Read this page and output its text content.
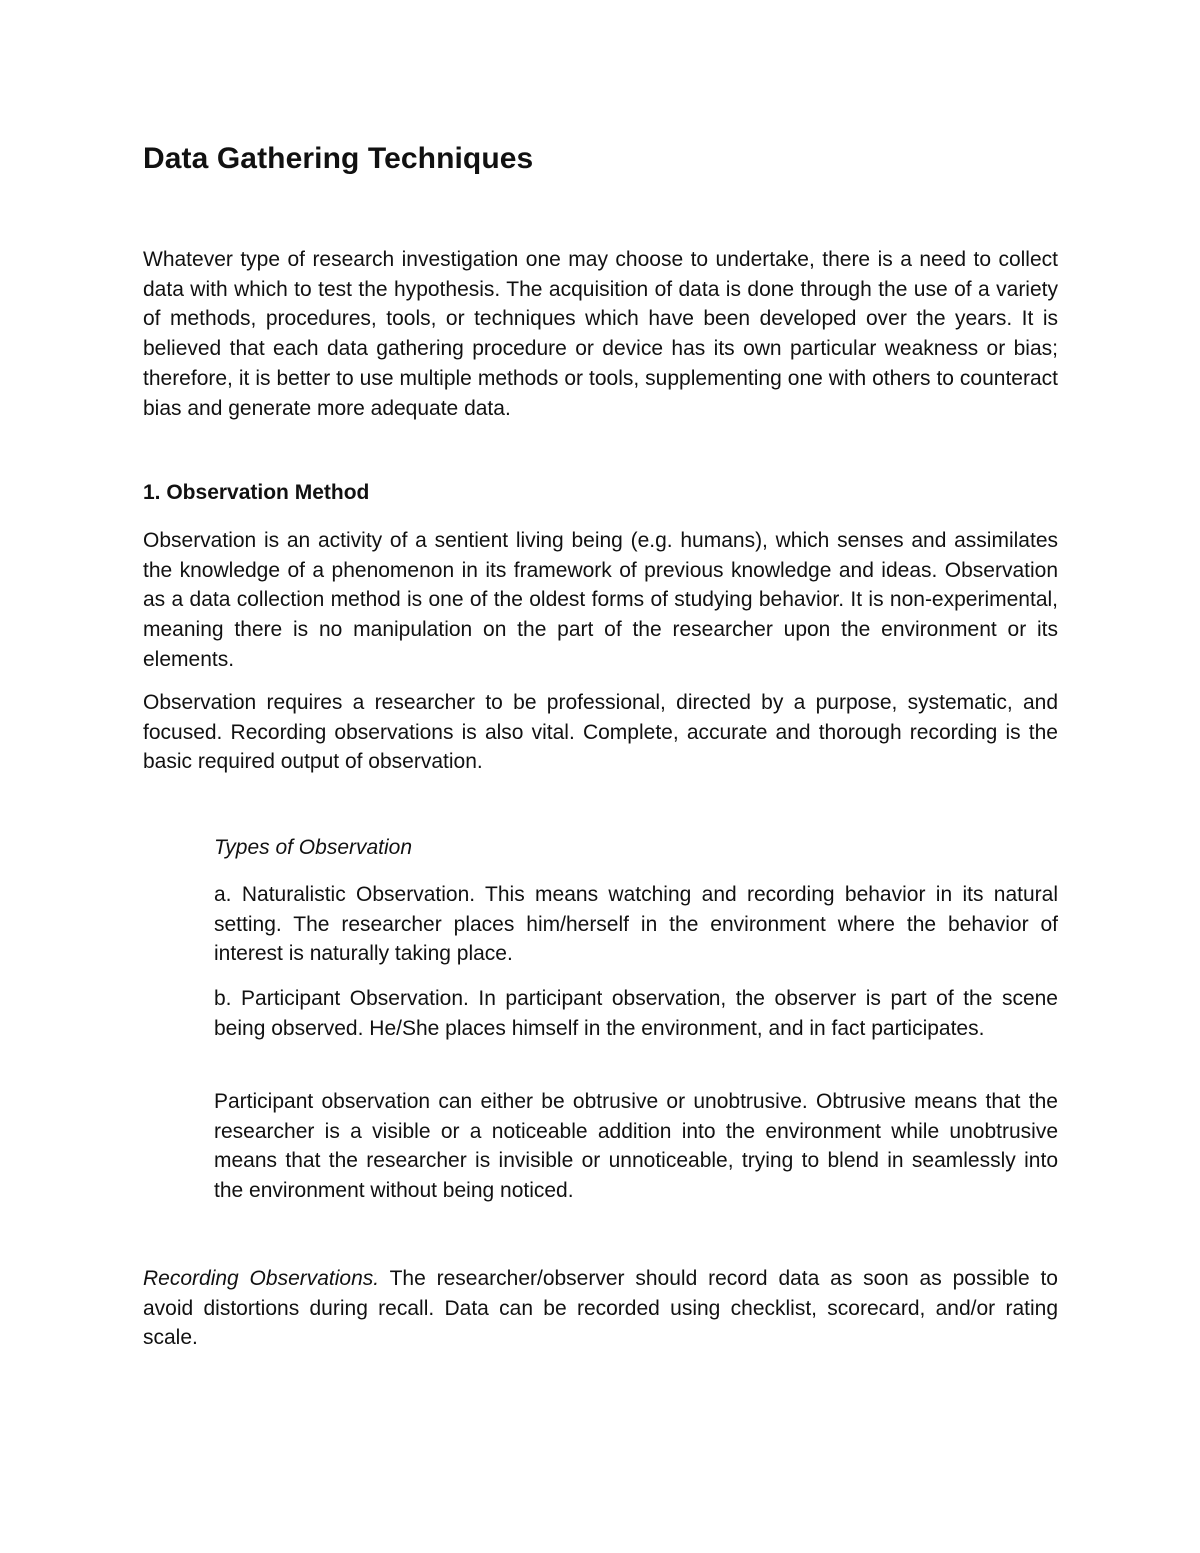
Data Gathering Techniques

Whatever type of research investigation one may choose to undertake, there is a need to collect data with which to test the hypothesis. The acquisition of data is done through the use of a variety of methods, procedures, tools, or techniques which have been developed over the years. It is believed that each data gathering procedure or device has its own particular weakness or bias; therefore, it is better to use multiple methods or tools, supplementing one with others to counteract bias and generate more adequate data.

1. Observation Method

Observation is an activity of a sentient living being (e.g. humans), which senses and assimilates the knowledge of a phenomenon in its framework of previous knowledge and ideas. Observation as a data collection method is one of the oldest forms of studying behavior. It is non-experimental, meaning there is no manipulation on the part of the researcher upon the environment or its elements.

Observation requires a researcher to be professional, directed by a purpose, systematic, and focused. Recording observations is also vital. Complete, accurate and thorough recording is the basic required output of observation.

Types of Observation

a. Naturalistic Observation. This means watching and recording behavior in its natural setting. The researcher places him/herself in the environment where the behavior of interest is naturally taking place.

b. Participant Observation. In participant observation, the observer is part of the scene being observed. He/She places himself in the environment, and in fact participates.

Participant observation can either be obtrusive or unobtrusive. Obtrusive means that the researcher is a visible or a noticeable addition into the environment while unobtrusive means that the researcher is invisible or unnoticeable, trying to blend in seamlessly into the environment without being noticed.

Recording Observations. The researcher/observer should record data as soon as possible to avoid distortions during recall. Data can be recorded using checklist, scorecard, and/or rating scale.
